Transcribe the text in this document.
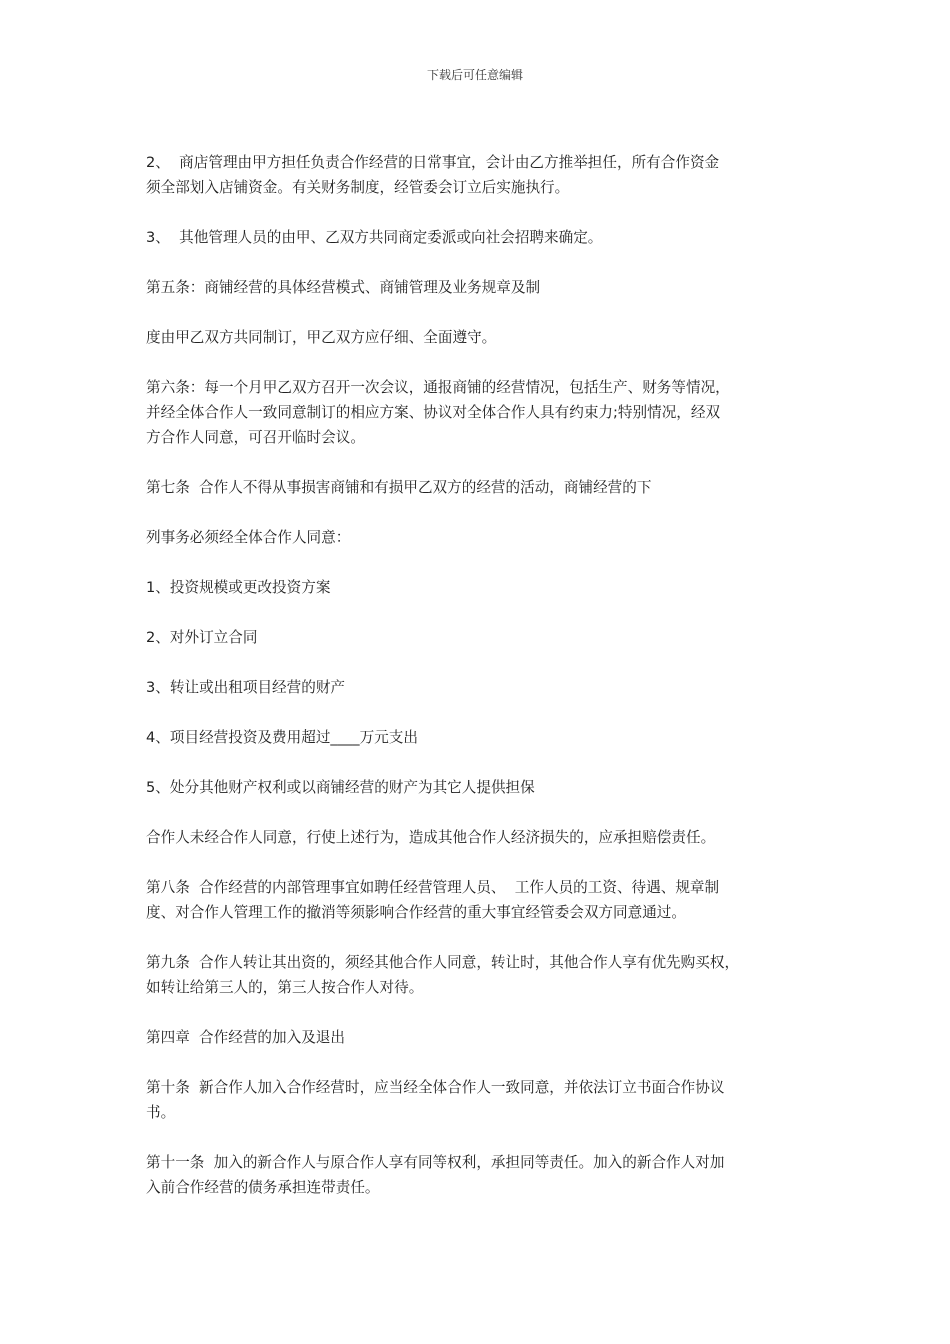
下载后可任意编辑
2、  商店管理由甲方担任负责合作经营的日常事宜，会计由乙方推举担任，所有合作资金
须全部划入店铺资金。有关财务制度，经管委会订立后实施执行。
3、  其他管理人员的由甲、乙双方共同商定委派或向社会招聘来确定。
第五条：商铺经营的具体经营模式、商铺管理及业务规章及制
度由甲乙双方共同制订，甲乙双方应仔细、全面遵守。
第六条：每一个月甲乙双方召开一次会议，通报商铺的经营情况，包括生产、财务等情况，
并经全体合作人一致同意制订的相应方案、协议对全体合作人具有约束力;特别情况，经双
方合作人同意，可召开临时会议。
第七条  合作人不得从事损害商铺和有损甲乙双方的经营的活动，商铺经营的下
列事务必须经全体合作人同意：
1、投资规模或更改投资方案
2、对外订立合同
3、转让或出租项目经营的财产
4、项目经营投资及费用超过____万元支出
5、处分其他财产权利或以商铺经营的财产为其它人提供担保
合作人未经合作人同意，行使上述行为，造成其他合作人经济损失的，应承担赔偿责任。
第八条  合作经营的内部管理事宜如聘任经营管理人员、  工作人员的工资、待遇、规章制
度、对合作人管理工作的撤消等须影响合作经营的重大事宜经管委会双方同意通过。
第九条  合作人转让其出资的，须经其他合作人同意，转让时，其他合作人享有优先购买权，
如转让给第三人的，第三人按合作人对待。
第四章  合作经营的加入及退出
第十条  新合作人加入合作经营时，应当经全体合作人一致同意，并依法订立书面合作协议
书。
第十一条  加入的新合作人与原合作人享有同等权利，承担同等责任。加入的新合作人对加
入前合作经营的债务承担连带责任。
